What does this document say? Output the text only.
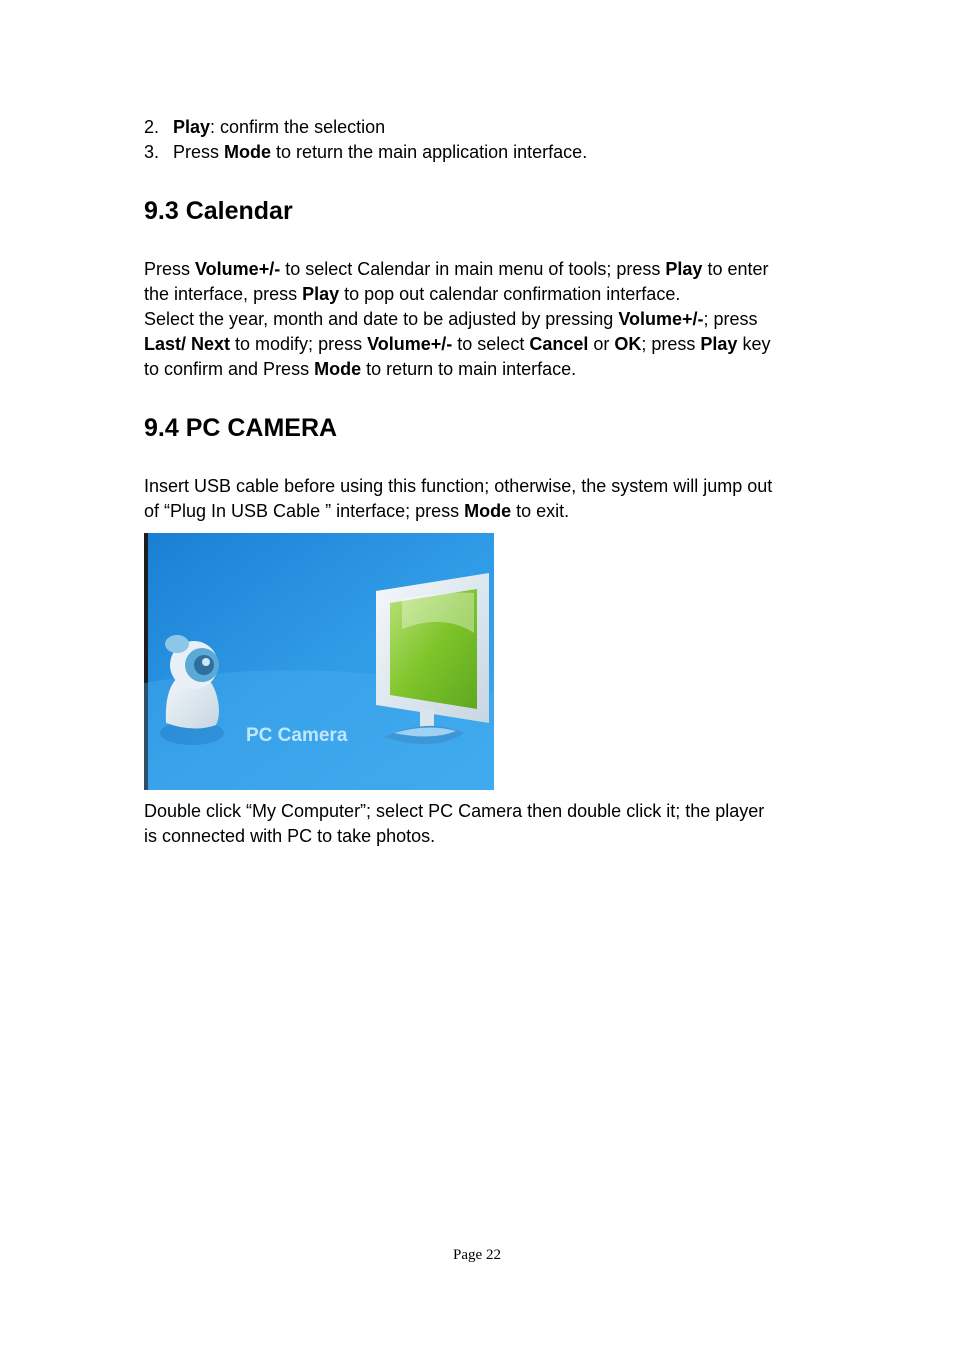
2. Play: confirm the selection
3. Press Mode to return the main application interface.
9.3 Calendar

Press Volume+/- to select Calendar in main menu of tools; press Play to enter
the interface, press Play to pop out calendar confirmation interface.
Select the year, month and date to be adjusted by pressing Volume+/-; press
Last/ Next to modify; press Volume+/- to select Cancel or OK; press Play key
to confirm and Press Mode to return to main interface.

9.4 PC CAMERA

Insert USB cable before using this function; otherwise, the system will jump out
of “Plug In USB Cable ” interface; press Mode to exit.

PC Camera

Double click “My Computer”; select PC Camera then double click it; the player
is connected with PC to take photos.

Page 22
